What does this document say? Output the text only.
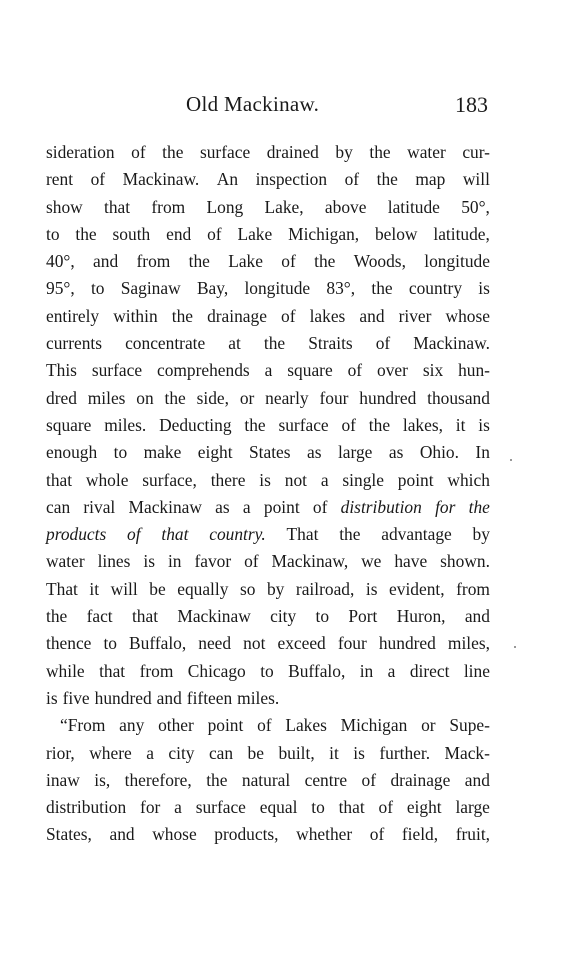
Old Mackinaw.	183
sideration of the surface drained by the water cur-
rent of Mackinaw. An inspection of the map will
show that from Long Lake, above latitude 50°,
to the south end of Lake Michigan, below latitude,
40°, and from the Lake of the Woods, longitude
95°, to Saginaw Bay, longitude 83°, the country is
entirely within the drainage of lakes and river whose
currents concentrate at the Straits of Mackinaw.
This surface comprehends a square of over six hun-
dred miles on the side, or nearly four hundred thousand
square miles. Deducting the surface of the lakes, it is
enough to make eight States as large as Ohio. In
that whole surface, there is not a single point which
can rival Mackinaw as a point of distribution for the
products of that country. That the advantage by
water lines is in favor of Mackinaw, we have shown.
That it will be equally so by railroad, is evident, from
the fact that Mackinaw city to Port Huron, and
thence to Buffalo, need not exceed four hundred miles,
while that from Chicago to Buffalo, in a direct line
is five hundred and fifteen miles.
“From any other point of Lakes Michigan or Supe-
rior, where a city can be built, it is further. Mack-
inaw is, therefore, the natural centre of drainage and
distribution for a surface equal to that of eight large
States, and whose products, whether of field, fruit,
